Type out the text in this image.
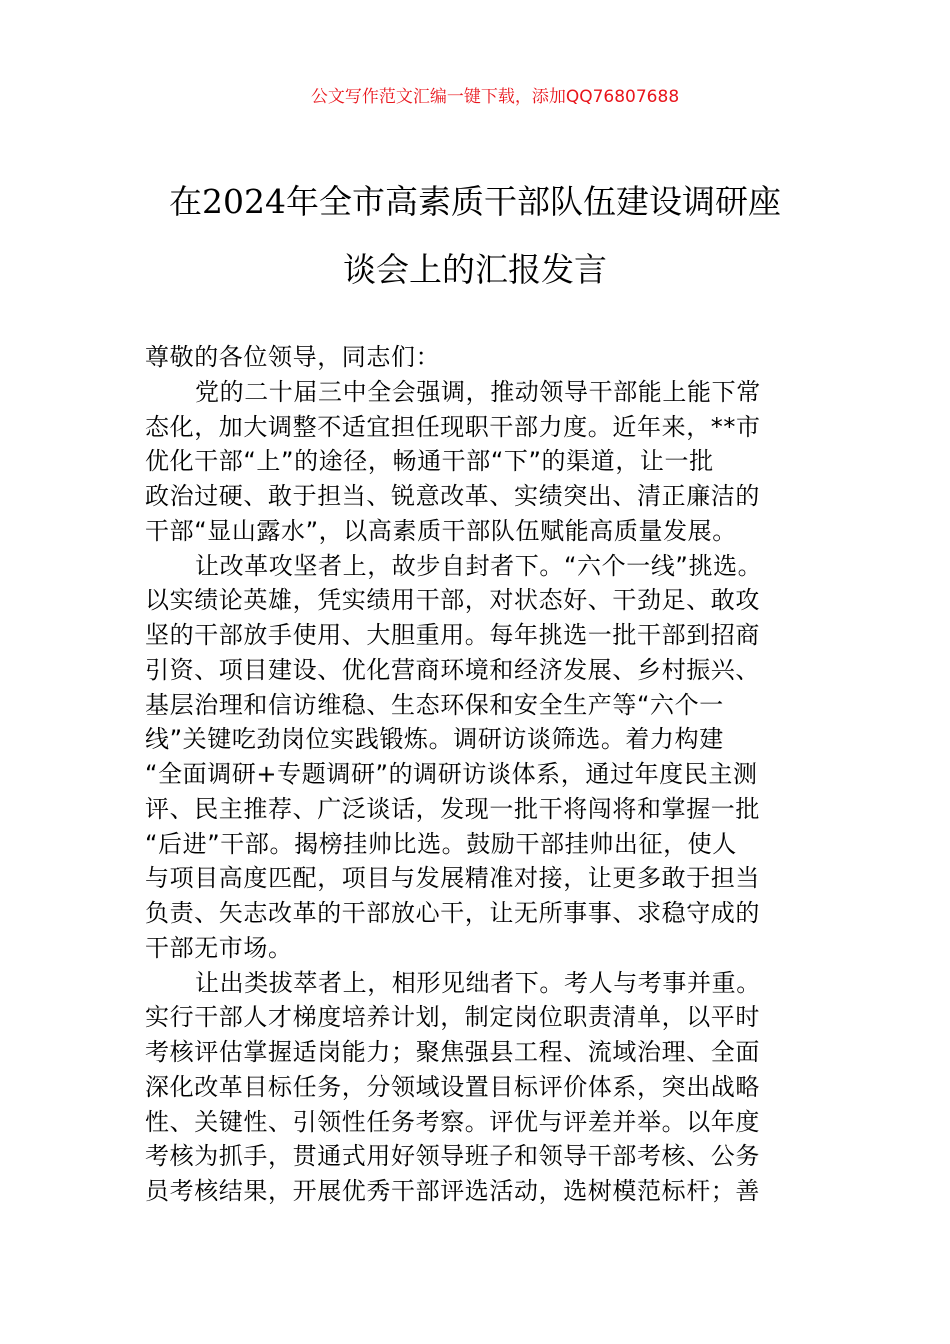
公文写作范文汇编一键下载，添加QQ76807688
在2024年全市高素质干部队伍建设调研座
谈会上的汇报发言
尊敬的各位领导，同志们：
党的二十届三中全会强调，推动领导干部能上能下常
态化，加大调整不适宜担任现职干部力度。近年来，**市
优化干部“上”的途径，畅通干部“下”的渠道，让一批
政治过硬、敢于担当、锐意改革、实绩突出、清正廉洁的
干部“显山露水”，以高素质干部队伍赋能高质量发展。
让改革攻坚者上，故步自封者下。“六个一线”挑选。
以实绩论英雄，凭实绩用干部，对状态好、干劲足、敢攻
坚的干部放手使用、大胆重用。每年挑选一批干部到招商
引资、项目建设、优化营商环境和经济发展、乡村振兴、
基层治理和信访维稳、生态环保和安全生产等“六个一
线”关键吃劲岗位实践锻炼。调研访谈筛选。着力构建
“全面调研+专题调研”的调研访谈体系，通过年度民主测
评、民主推荐、广泛谈话，发现一批干将闯将和掌握一批
“后进”干部。揭榜挂帅比选。鼓励干部挂帅出征，使人
与项目高度匹配，项目与发展精准对接，让更多敢于担当
负责、矢志改革的干部放心干，让无所事事、求稳守成的
干部无市场。
让出类拔萃者上，相形见绌者下。考人与考事并重。
实行干部人才梯度培养计划，制定岗位职责清单，以平时
考核评估掌握适岗能力；聚焦强县工程、流域治理、全面
深化改革目标任务，分领域设置目标评价体系，突出战略
性、关键性、引领性任务考察。评优与评差并举。以年度
考核为抓手，贯通式用好领导班子和领导干部考核、公务
员考核结果，开展优秀干部评选活动，选树模范标杆；善
